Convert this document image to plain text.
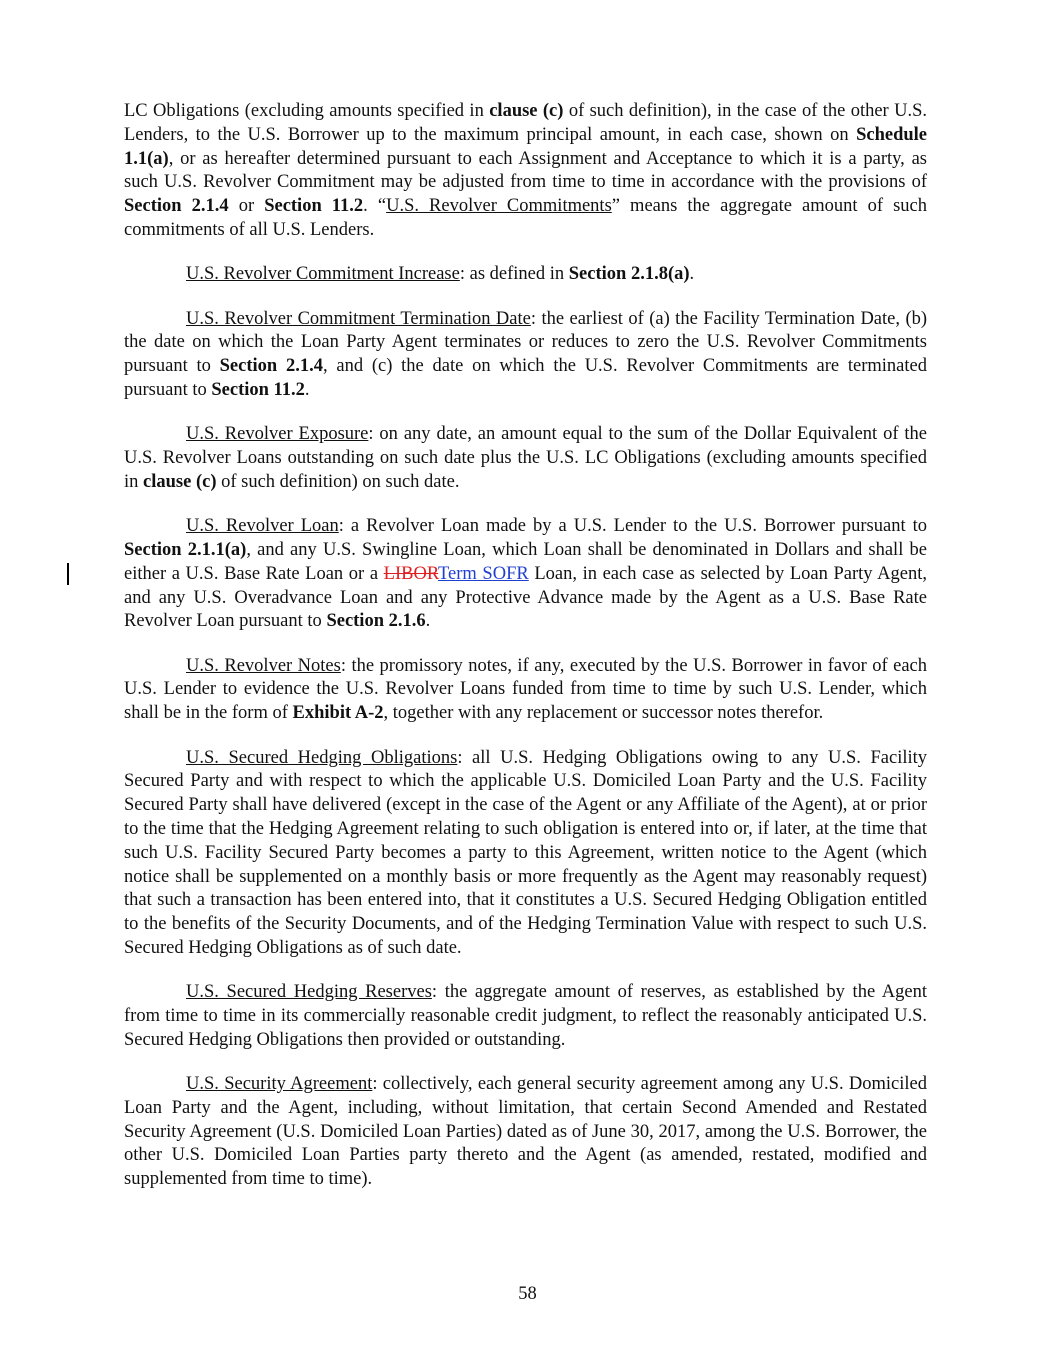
LC Obligations (excluding amounts specified in clause (c) of such definition), in the case of the other U.S. Lenders, to the U.S. Borrower up to the maximum principal amount, in each case, shown on Schedule 1.1(a), or as hereafter determined pursuant to each Assignment and Acceptance to which it is a party, as such U.S. Revolver Commitment may be adjusted from time to time in accordance with the provisions of Section 2.1.4 or Section 11.2. “U.S. Revolver Commitments” means the aggregate amount of such commitments of all U.S. Lenders.

U.S. Revolver Commitment Increase: as defined in Section 2.1.8(a).

U.S. Revolver Commitment Termination Date: the earliest of (a) the Facility Termination Date, (b) the date on which the Loan Party Agent terminates or reduces to zero the U.S. Revolver Commitments pursuant to Section 2.1.4, and (c) the date on which the U.S. Revolver Commitments are terminated pursuant to Section 11.2.

U.S. Revolver Exposure: on any date, an amount equal to the sum of the Dollar Equivalent of the U.S. Revolver Loans outstanding on such date plus the U.S. LC Obligations (excluding amounts specified in clause (c) of such definition) on such date.

U.S. Revolver Loan: a Revolver Loan made by a U.S. Lender to the U.S. Borrower pursuant to Section 2.1.1(a), and any U.S. Swingline Loan, which Loan shall be denominated in Dollars and shall be either a U.S. Base Rate Loan or a LIBORTerm SOFR Loan, in each case as selected by Loan Party Agent, and any U.S. Overadvance Loan and any Protective Advance made by the Agent as a U.S. Base Rate Revolver Loan pursuant to Section 2.1.6.

U.S. Revolver Notes: the promissory notes, if any, executed by the U.S. Borrower in favor of each U.S. Lender to evidence the U.S. Revolver Loans funded from time to time by such U.S. Lender, which shall be in the form of Exhibit A-2, together with any replacement or successor notes therefor.

U.S. Secured Hedging Obligations: all U.S. Hedging Obligations owing to any U.S. Facility Secured Party and with respect to which the applicable U.S. Domiciled Loan Party and the U.S. Facility Secured Party shall have delivered (except in the case of the Agent or any Affiliate of the Agent), at or prior to the time that the Hedging Agreement relating to such obligation is entered into or, if later, at the time that such U.S. Facility Secured Party becomes a party to this Agreement, written notice to the Agent (which notice shall be supplemented on a monthly basis or more frequently as the Agent may reasonably request) that such a transaction has been entered into, that it constitutes a U.S. Secured Hedging Obligation entitled to the benefits of the Security Documents, and of the Hedging Termination Value with respect to such U.S. Secured Hedging Obligations as of such date.

U.S. Secured Hedging Reserves: the aggregate amount of reserves, as established by the Agent from time to time in its commercially reasonable credit judgment, to reflect the reasonably anticipated U.S. Secured Hedging Obligations then provided or outstanding.

U.S. Security Agreement: collectively, each general security agreement among any U.S. Domiciled Loan Party and the Agent, including, without limitation, that certain Second Amended and Restated Security Agreement (U.S. Domiciled Loan Parties) dated as of June 30, 2017, among the U.S. Borrower, the other U.S. Domiciled Loan Parties party thereto and the Agent (as amended, restated, modified and supplemented from time to time).

58
